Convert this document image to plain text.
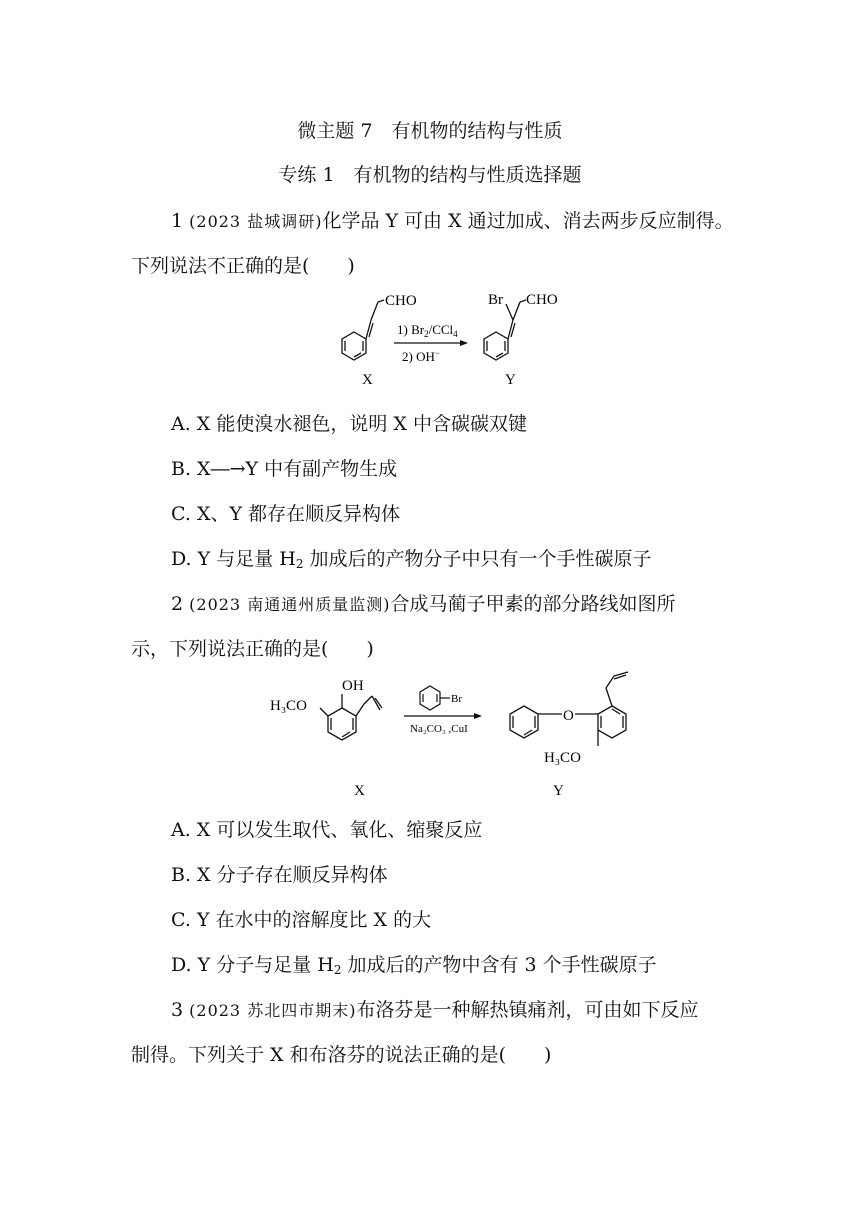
微主题 7　有机物的结构与性质
专练 1　有机物的结构与性质选择题
1 (2023 盐城调研)化学品 Y 可由 X 通过加成、消去两步反应制得。
下列说法不正确的是(　　)
CHO
1) $Br_2/CCl_4$
2) OH−
Br CHO
X	Y
A. X 能使溴水褪色，说明 X 中含碳碳双键
B. X―→Y 中有副产物生成
C. X、Y 都存在顺反异构体
D. Y 与足量 $H_2$ 加成后的产物分子中只有一个手性碳原子
2 (2023 南通通州质量监测)合成马蔺子甲素的部分路线如图所
示，下列说法正确的是(　　)
OH
H₃CO	Br
Na₂CO₃ ,CuI
O
H₃CO
X	Y
A. X 可以发生取代、氧化、缩聚反应
B. X 分子存在顺反异构体
C. Y 在水中的溶解度比 X 的大
D. Y 分子与足量 $H_2$ 加成后的产物中含有 3 个手性碳原子
3 (2023 苏北四市期末)布洛芬是一种解热镇痛剂，可由如下反应
制得。下列关于 X 和布洛芬的说法正确的是(　　)
